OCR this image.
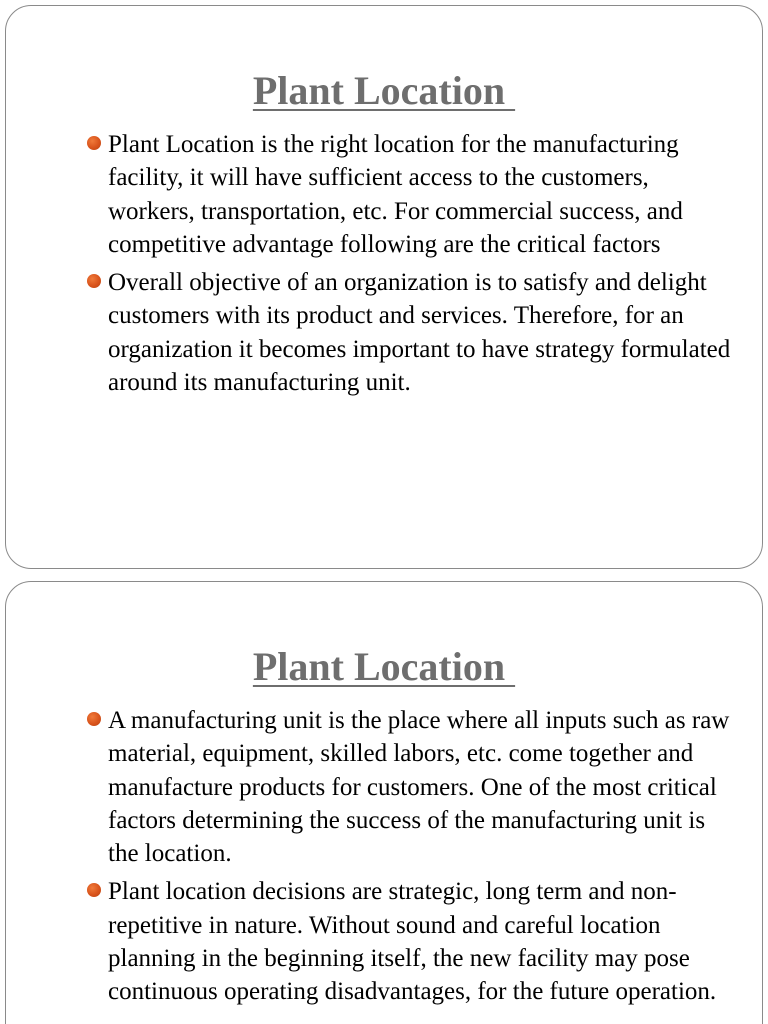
Plant Location
Plant Location is the right location for the manufacturing facility, it will have sufficient access to the customers, workers, transportation, etc. For commercial success, and competitive advantage following are the critical factors
Overall objective of an organization is to satisfy and delight customers with its product and services. Therefore, for an organization it becomes important to have strategy formulated around its manufacturing unit.
Plant Location
A manufacturing unit is the place where all inputs such as raw material, equipment, skilled labors, etc. come together and manufacture products for customers. One of the most critical factors determining the success of the manufacturing unit is the location.
Plant location decisions are strategic, long term and non-repetitive in nature. Without sound and careful location planning in the beginning itself, the new facility may pose continuous operating disadvantages, for the future operation.
